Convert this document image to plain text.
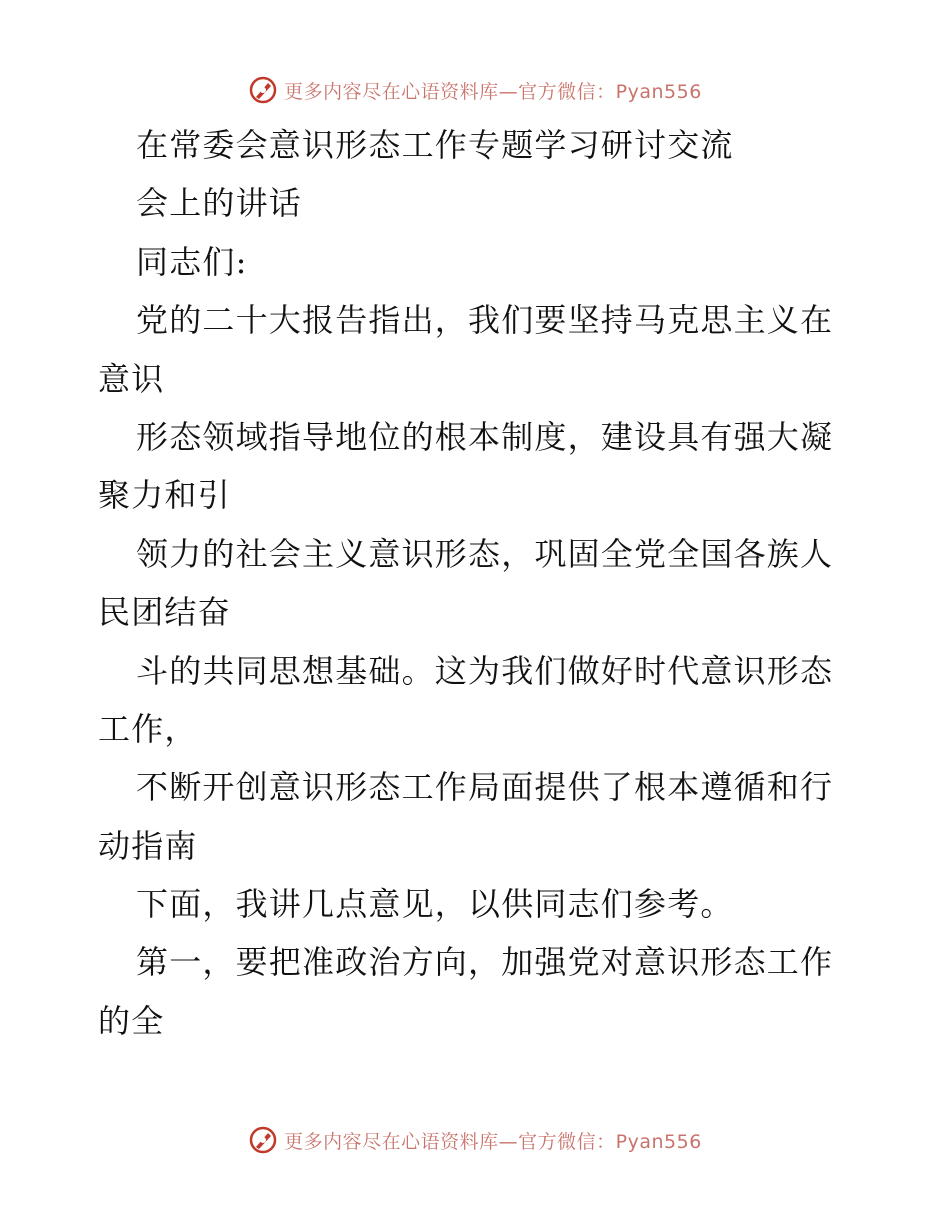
更多内容尽在心语资料库—官方微信：Pyan556
在常委会意识形态工作专题学习研讨交流
会上的讲话
同志们:
党的二十大报告指出，我们要坚持马克思主义在
意识
形态领域指导地位的根本制度，建设具有强大凝
聚力和引
领力的社会主义意识形态，巩固全党全国各族人
民团结奋
斗的共同思想基础。这为我们做好时代意识形态
工作，
不断开创意识形态工作局面提供了根本遵循和行
动指南
下面，我讲几点意见，以供同志们参考。
第一，要把准政治方向，加强党对意识形态工作
的全
更多内容尽在心语资料库—官方微信：Pyan556
